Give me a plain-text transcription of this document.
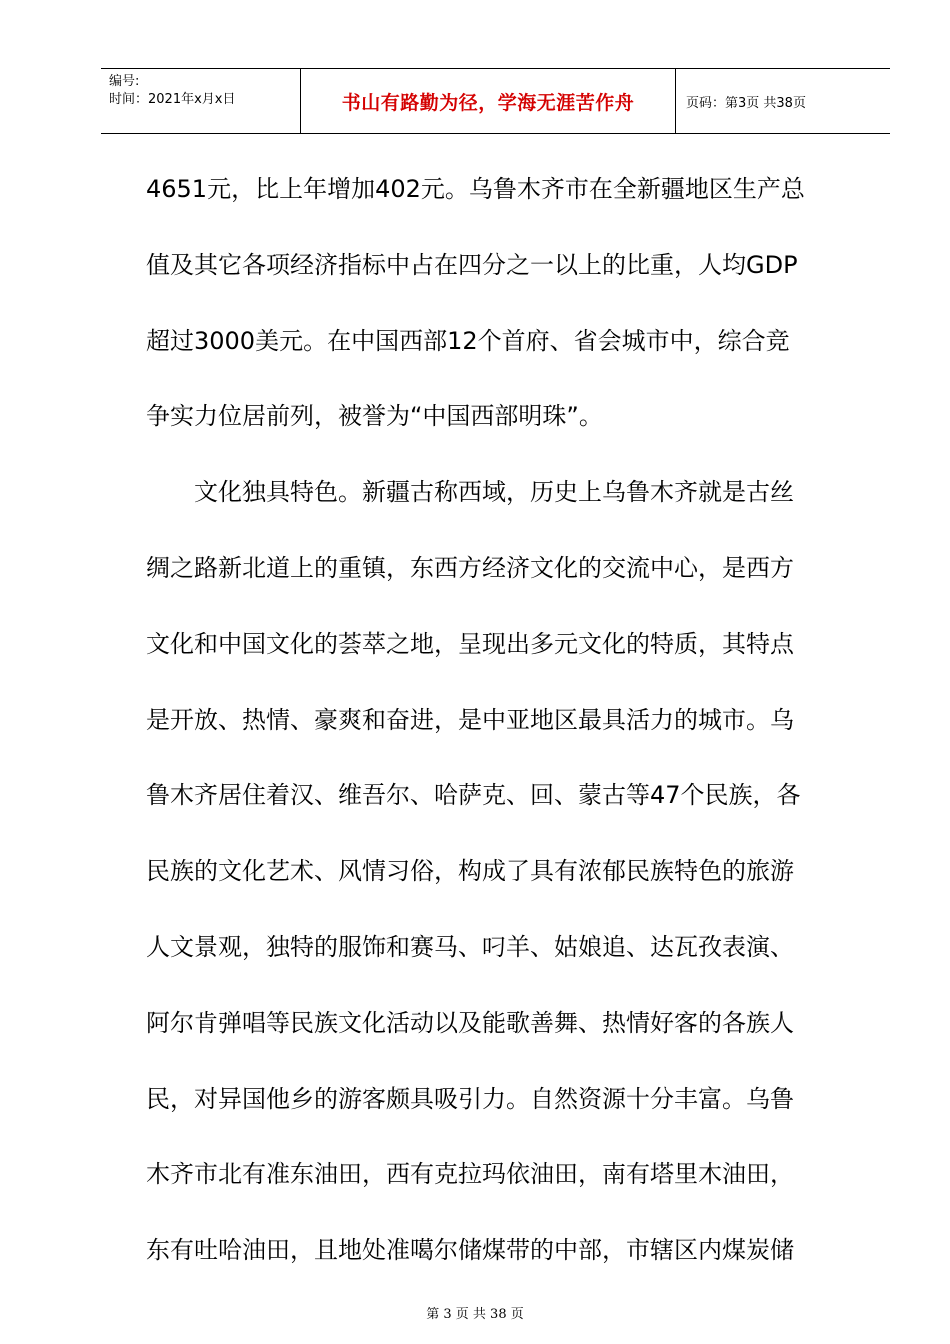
编号:
时间：2021年x月x日	书山有路勤为径，学海无涯苦作舟	页码：第3页 共38页
4651元，比上年增加402元。乌鲁木齐市在全新疆地区生产总
值及其它各项经济指标中占在四分之一以上的比重，人均GDP
超过3000美元。在中国西部12个首府、省会城市中，综合竞
争实力位居前列，被誉为“中国西部明珠”。
　　文化独具特色。新疆古称西域，历史上乌鲁木齐就是古丝
绸之路新北道上的重镇，东西方经济文化的交流中心，是西方
文化和中国文化的荟萃之地，呈现出多元文化的特质，其特点
是开放、热情、豪爽和奋进，是中亚地区最具活力的城市。乌
鲁木齐居住着汉、维吾尔、哈萨克、回、蒙古等47个民族，各
民族的文化艺术、风情习俗，构成了具有浓郁民族特色的旅游
人文景观，独特的服饰和赛马、叼羊、姑娘追、达瓦孜表演、
阿尔肯弹唱等民族文化活动以及能歌善舞、热情好客的各族人
民，对异国他乡的游客颇具吸引力。自然资源十分丰富。乌鲁
木齐市北有准东油田，西有克拉玛依油田，南有塔里木油田，
东有吐哈油田，且地处准噶尔储煤带的中部，市辖区内煤炭储
第 3 页 共 38 页
